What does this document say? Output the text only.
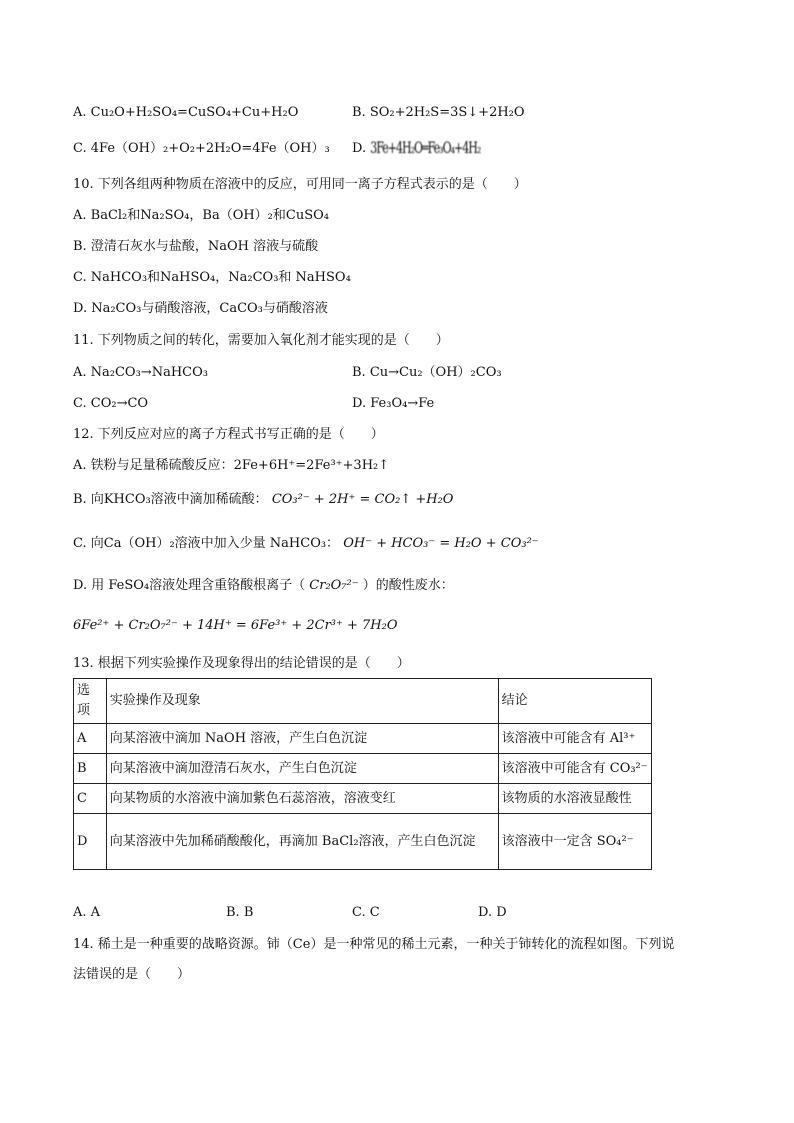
A. Cu₂O+H₂SO₄=CuSO₄+Cu+H₂O	B. SO₂+2H₂S=3S↓+2H₂O
C. 4Fe（OH）₂+O₂+2H₂O=4Fe（OH）₃ D. 3Fe+4H₂O═Fe₃O₄+4H₂
10. 下列各组两种物质在溶液中的反应，可用同一离子方程式表示的是（　　）
A. BaCl₂和Na₂SO₄，Ba（OH）₂和CuSO₄
B. 澄清石灰水与盐酸，NaOH 溶液与硫酸
C. NaHCO₃和NaHSO₄，Na₂CO₃和 NaHSO₄
D. Na₂CO₃与硝酸溶液，CaCO₃与硝酸溶液
11. 下列物质之间的转化，需要加入氧化剂才能实现的是（　　）
A. Na₂CO₃→NaHCO₃	B. Cu→Cu₂（OH）₂CO₃
C. CO₂→CO	D. Fe₃O₄→Fe
12. 下列反应对应的离子方程式书写正确的是（　　）
A. 铁粉与足量稀硫酸反应：2Fe+6H⁺=2Fe³⁺+3H₂↑
B. 向KHCO₃溶液中滴加稀硫酸： CO₃²⁻ + 2H⁺ = CO₂↑ +H₂O
C. 向Ca（OH）₂溶液中加入少量 NaHCO₃： OH⁻ + HCO₃⁻ = H₂O + CO₃²⁻
D. 用 FeSO₄溶液处理含重铬酸根离子（ Cr₂O₇²⁻ ）的酸性废水：
6Fe²⁺ + Cr₂O₇²⁻ + 14H⁺ = 6Fe³⁺ + 2Cr³⁺ + 7H₂O
13. 根据下列实验操作及现象得出的结论错误的是（　　）
选项	实验操作及现象	结论
A	向某溶液中滴加 NaOH 溶液，产生白色沉淀	该溶液中可能含有 Al³⁺
B	向某溶液中滴加澄清石灰水，产生白色沉淀	该溶液中可能含有 CO₃²⁻
C	向某物质的水溶液中滴加紫色石蕊溶液，溶液变红	该物质的水溶液显酸性
D	向某溶液中先加稀硝酸酸化，再滴加 BaCl₂溶液，产生白色沉淀	该溶液中一定含 SO₄²⁻
A. A	B. B	C. C	D. D
14. 稀土是一种重要的战略资源。铈（Ce）是一种常见的稀土元素，一种关于铈转化的流程如图。下列说
法错误的是（　　）
